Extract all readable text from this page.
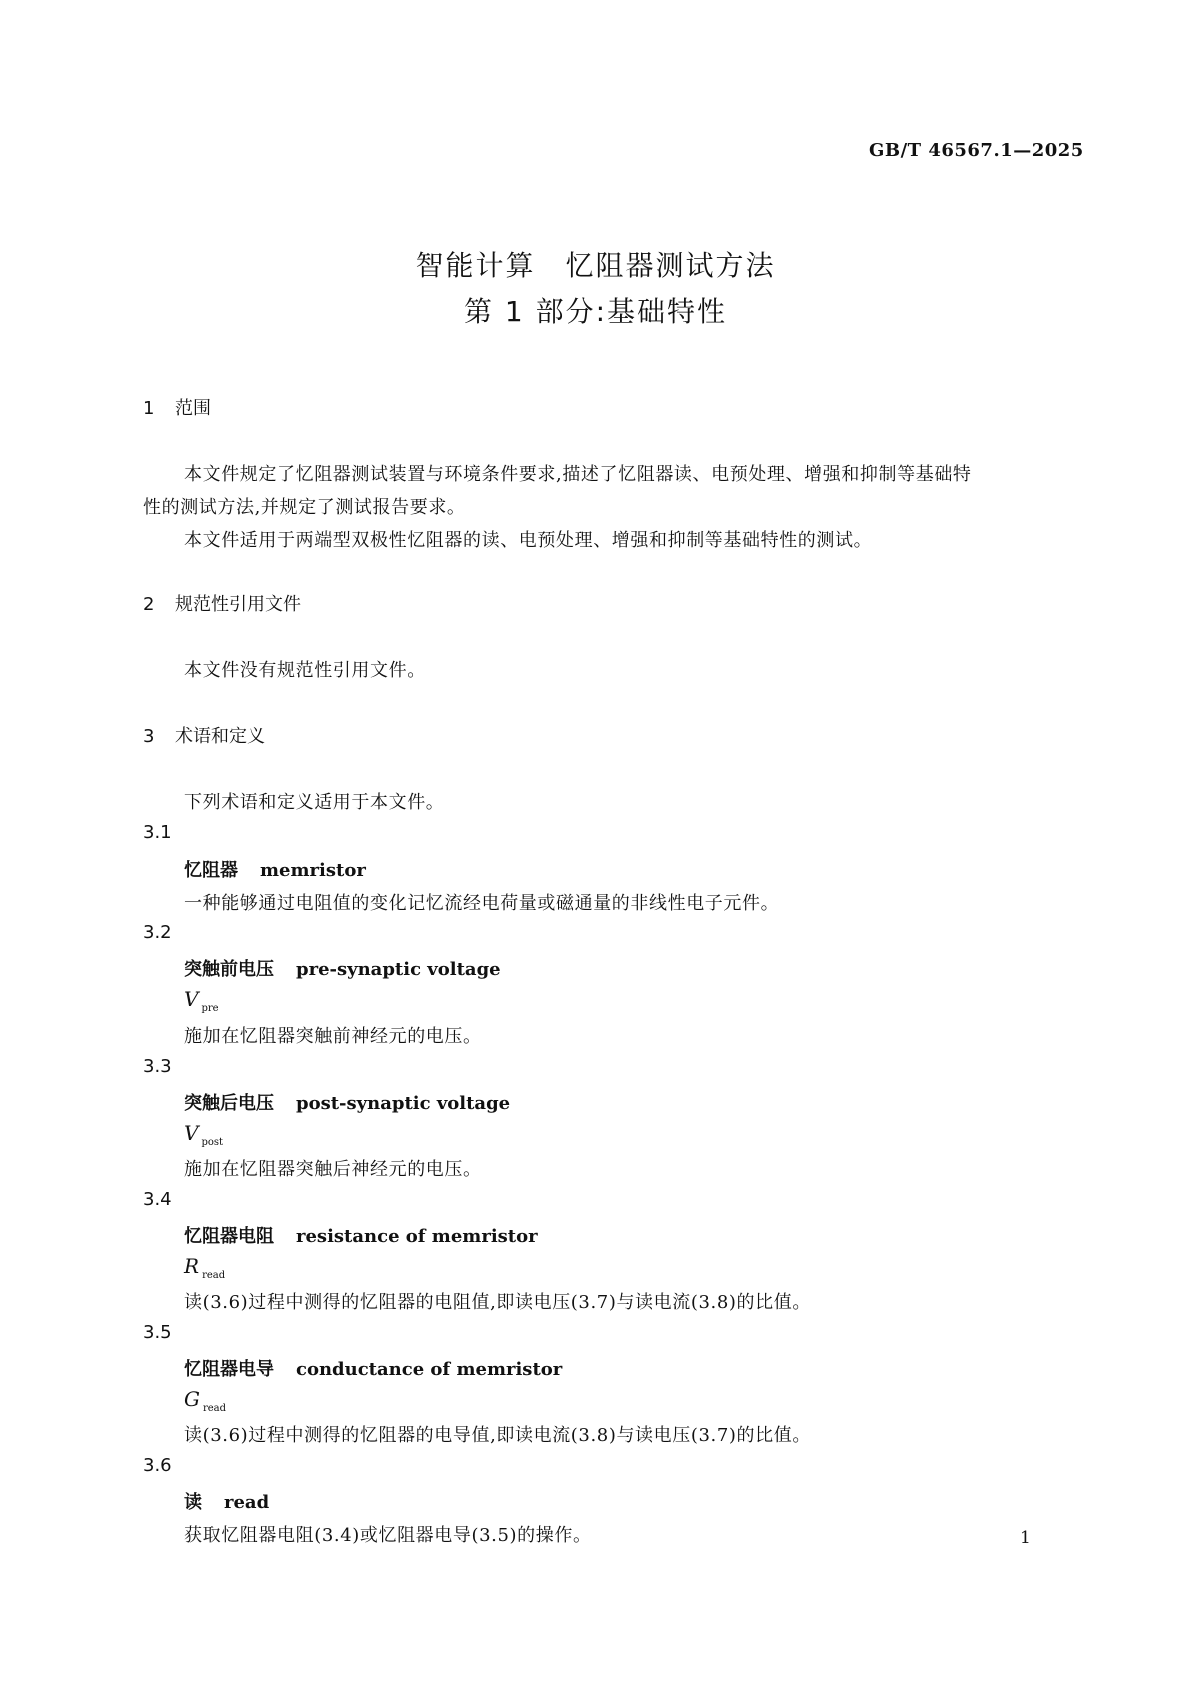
GB/T 46567.1—2025
智能计算　忆阻器测试方法
第 1 部分:基础特性
1 范围
本文件规定了忆阻器测试装置与环境条件要求,描述了忆阻器读、电预处理、增强和抑制等基础特
性的测试方法,并规定了测试报告要求。
本文件适用于两端型双极性忆阻器的读、电预处理、增强和抑制等基础特性的测试。
2 规范性引用文件
本文件没有规范性引用文件。
3 术语和定义
下列术语和定义适用于本文件。
3.1
忆阻器 memristor
一种能够通过电阻值的变化记忆流经电荷量或磁通量的非线性电子元件。
3.2
突触前电压 pre-synaptic voltage
V $_{pre}$
施加在忆阻器突触前神经元的电压。
3.3
突触后电压 post-synaptic voltage
V $_{post}$
施加在忆阻器突触后神经元的电压。
3.4
忆阻器电阻 resistance of memristor
R $_{read}$
读(3.6)过程中测得的忆阻器的电阻值,即读电压(3.7)与读电流(3.8)的比值。
3.5
忆阻器电导 conductance of memristor
G $_{read}$
读(3.6)过程中测得的忆阻器的电导值,即读电流(3.8)与读电压(3.7)的比值。
3.6
读 read
获取忆阻器电阻(3.4)或忆阻器电导(3.5)的操作。	1
